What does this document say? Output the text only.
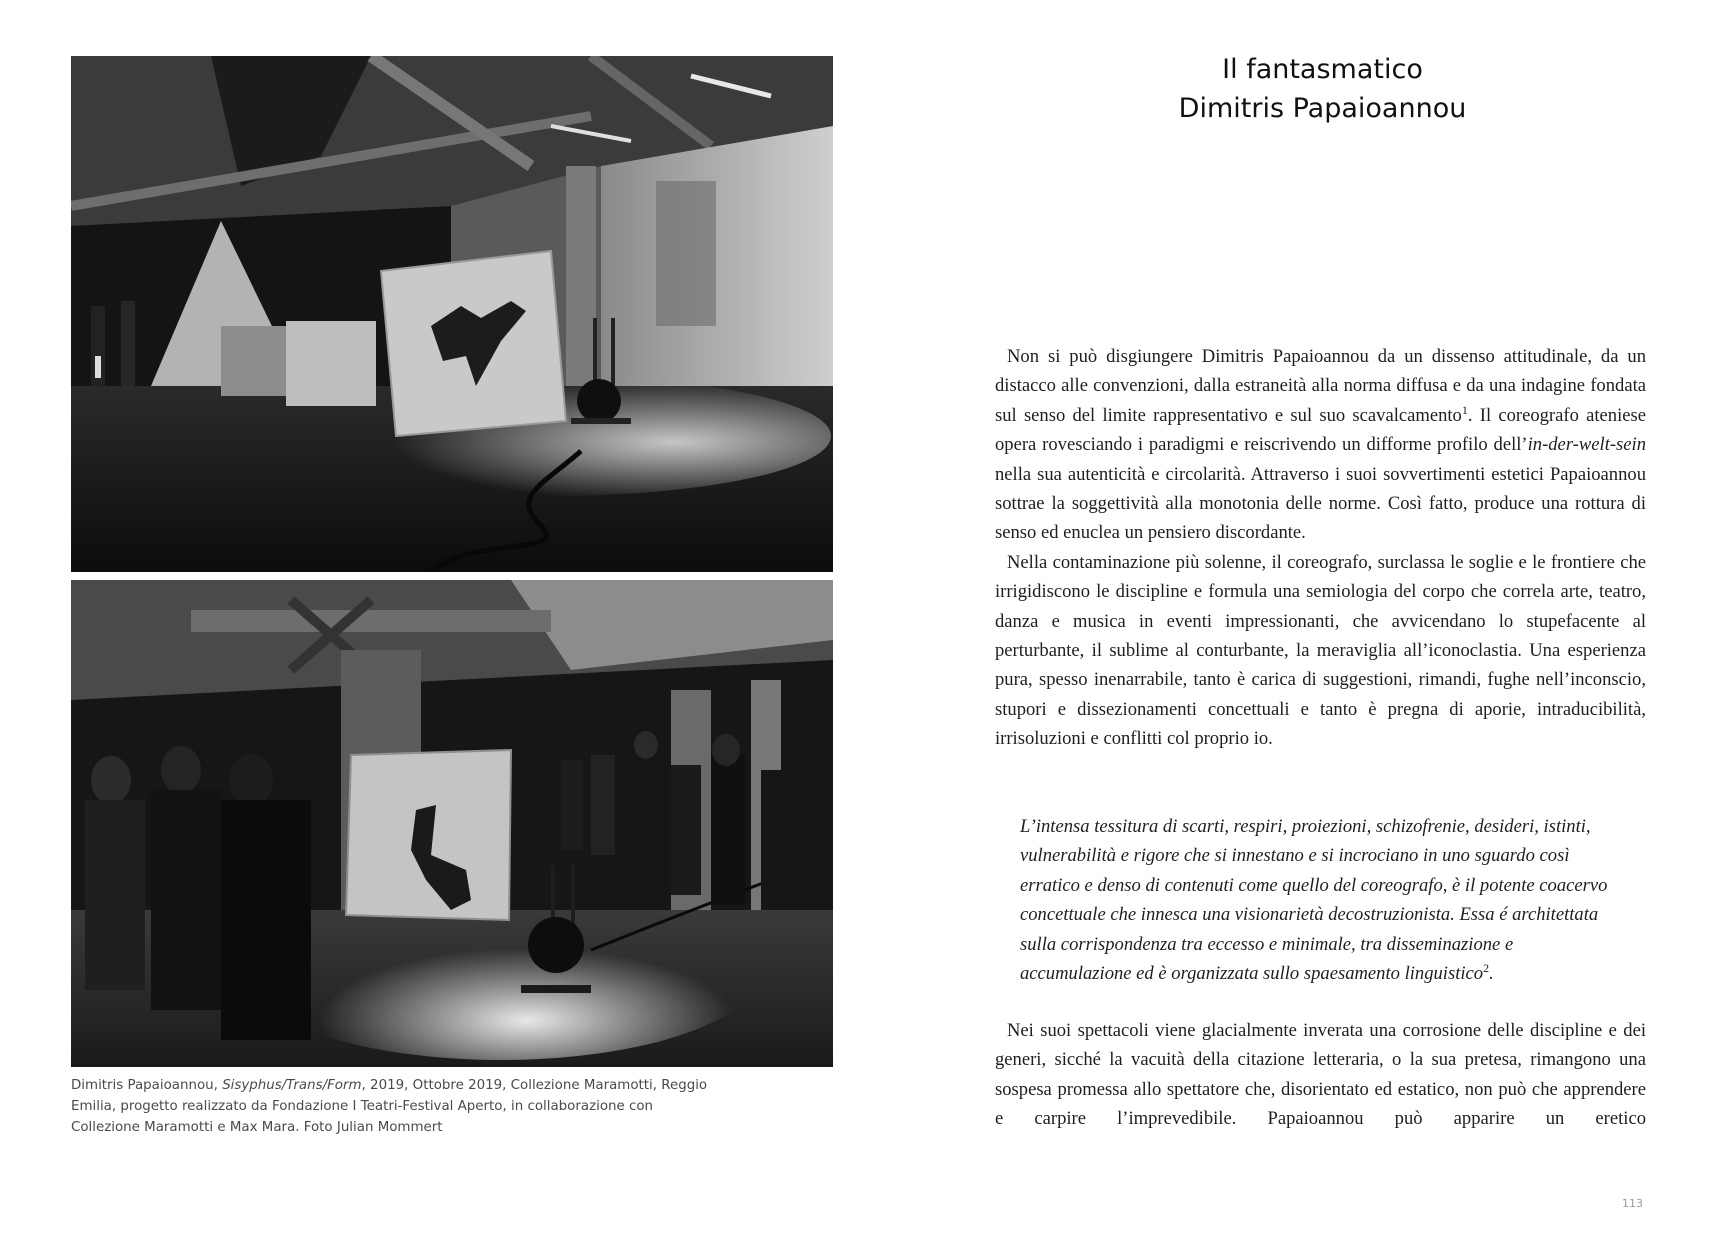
Dimitris Papaioannou, Sisyphus/Trans/Form, 2019, Ottobre 2019, Collezione Maramotti, Reggio Emilia, progetto realizzato da Fondazione I Teatri-Festival Aperto, in collaborazione con Collezione Maramotti e Max Mara. Foto Julian Mommert
Il fantasmatico
Dimitris Papaioannou

Non si può disgiungere Dimitris Papaioannou da un dissenso attitudinale, da un distacco alle convenzioni, dalla estraneità alla norma diffusa e da una indagine fondata sul senso del limite rappresentativo e sul suo scavalcamento$^1$. Il coreografo ateniese opera rovesciando i paradigmi e reiscrivendo un difforme profilo dell’in-der-welt-sein nella sua autenticità e circolarità. Attraverso i suoi sovvertimenti estetici Papaioannou sottrae la soggettività alla monotonia delle norme. Così fatto, produce una rottura di senso ed enuclea un pensiero discordante.

Nella contaminazione più solenne, il coreografo, surclassa le soglie e le frontiere che irrigidiscono le discipline e formula una semiologia del corpo che correla arte, teatro, danza e musica in eventi impressionanti, che avvicendano lo stupefacente al perturbante, il sublime al conturbante, la meraviglia all’iconoclastia. Una esperienza pura, spesso inenarrabile, tanto è carica di suggestioni, rimandi, fughe nell’inconscio, stupori e dissezionamenti concettuali e tanto è pregna di aporie, intraducibilità, irrisoluzioni e conflitti col proprio io.

L’intensa tessitura di scarti, respiri, proiezioni, schizofrenie, desideri, istinti, vulnerabilità e rigore che si innestano e si incrociano in uno sguardo così erratico e denso di contenuti come quello del coreografo, è il potente coacervo concettuale che innesca una visionarietà decostruzionista. Essa é architettata sulla corrispondenza tra eccesso e minimale, tra disseminazione e accumulazione ed è organizzata sullo spaesamento linguistico$^2$.

Nei suoi spettacoli viene glacialmente inverata una corrosione delle discipline e dei generi, sicché la vacuità della citazione letteraria, o la sua pretesa, rimangono una sospesa promessa allo spettatore che, disorientato ed estatico, non può che apprendere e carpire l’imprevedibile. Papaioannou può apparire un eretico

113
